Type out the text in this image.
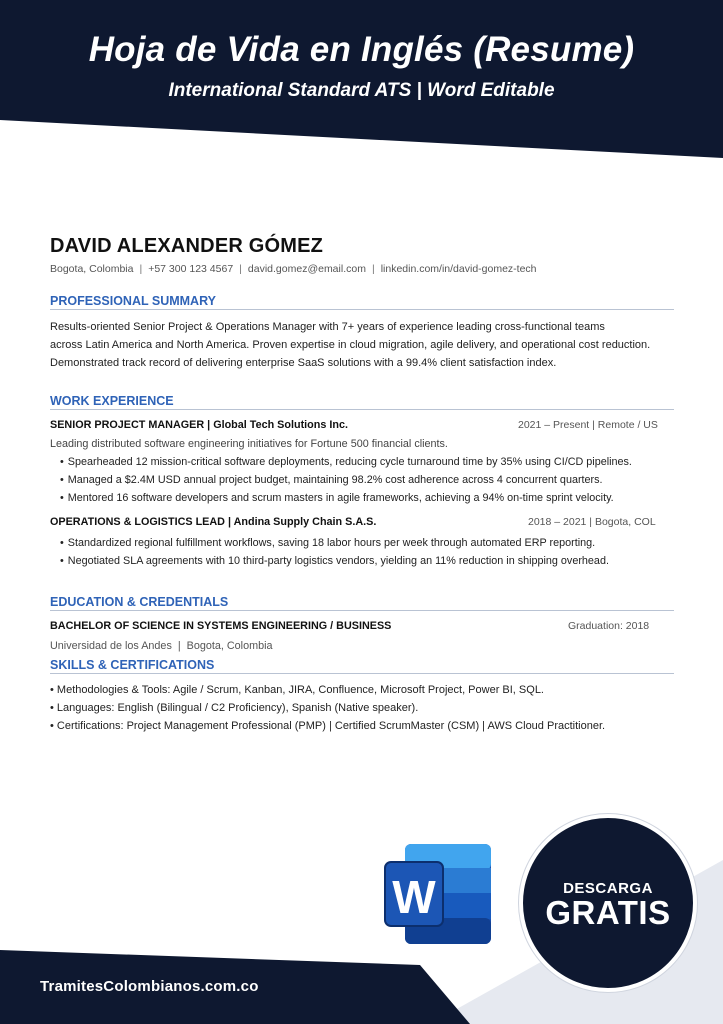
Hoja de Vida en Inglés (Resume)
International Standard ATS | Word Editable
DAVID ALEXANDER GÓMEZ
Bogota, Colombia | +57 300 123 4567 | david.gomez@email.com | linkedin.com/in/david-gomez-tech
PROFESSIONAL SUMMARY
Results-oriented Senior Project & Operations Manager with 7+ years of experience leading cross-functional teams
across Latin America and North America. Proven expertise in cloud migration, agile delivery, and operational cost reduction.
Demonstrated track record of delivering enterprise SaaS solutions with a 99.4% client satisfaction index.
WORK EXPERIENCE
SENIOR PROJECT MANAGER | Global Tech Solutions Inc.	2021 – Present | Remote / US
Leading distributed software engineering initiatives for Fortune 500 financial clients.
• Spearheaded 12 mission-critical software deployments, reducing cycle turnaround time by 35% using CI/CD pipelines.
• Managed a $2.4M USD annual project budget, maintaining 98.2% cost adherence across 4 concurrent quarters.
• Mentored 16 software developers and scrum masters in agile frameworks, achieving a 94% on-time sprint velocity.
OPERATIONS & LOGISTICS LEAD | Andina Supply Chain S.A.S.	2018 – 2021 | Bogota, COL
• Standardized regional fulfillment workflows, saving 18 labor hours per week through automated ERP reporting.
• Negotiated SLA agreements with 10 third-party logistics vendors, yielding an 11% reduction in shipping overhead.
EDUCATION & CREDENTIALS
BACHELOR OF SCIENCE IN SYSTEMS ENGINEERING / BUSINESS	Graduation: 2018
Universidad de los Andes | Bogota, Colombia
SKILLS & CERTIFICATIONS
• Methodologies & Tools: Agile / Scrum, Kanban, JIRA, Confluence, Microsoft Project, Power BI, SQL.
• Languages: English (Bilingual / C2 Proficiency), Spanish (Native speaker).
• Certifications: Project Management Professional (PMP) | Certified ScrumMaster (CSM) | AWS Cloud Practitioner.
W	DESCARGA
GRATIS
TramitesColombianos.com.co
